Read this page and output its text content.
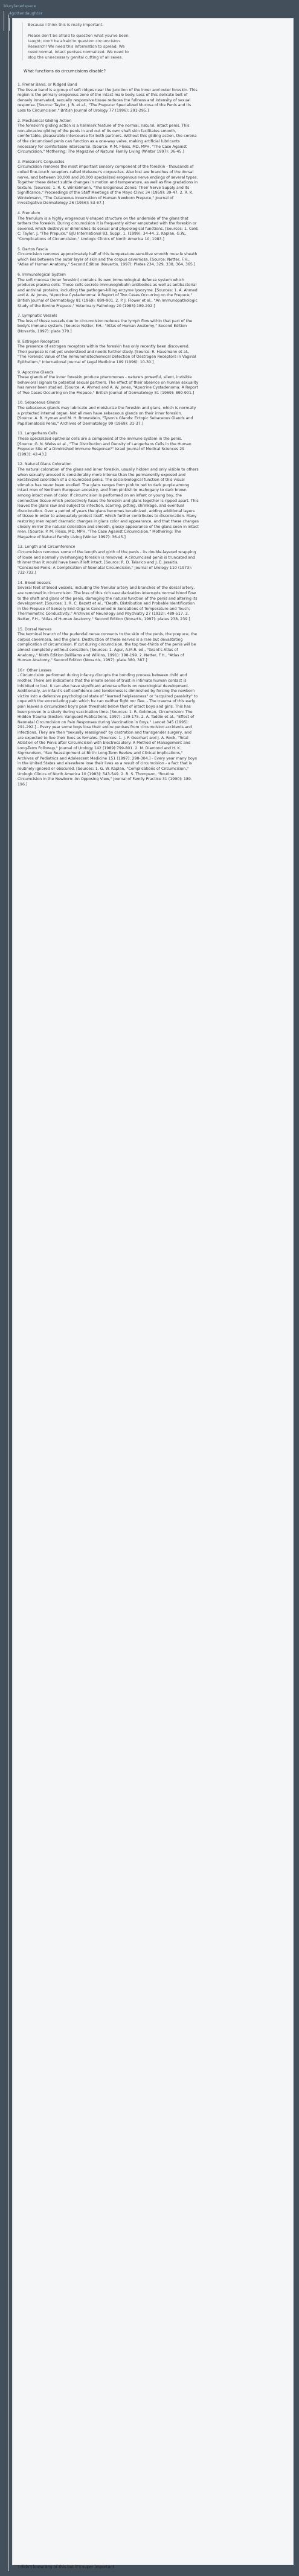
bluryfacedspace
4gottendaughter

Because I think this is really important.

Please don't be afraid to question what you've been taught; don't be afraid to question circumcision. Research! We need this information to spread. We need normal, intact penises normalized. We need to stop the unnecessary genital cutting of all sexes.

What functions do circumcisions disable?
1. Frenar Band, or Ridged Band
The tissue band is a group of soft ridges near the junction of the inner and outer foreskin. This region is the primary erogenous zone of the intact male body. Loss of this delicate belt of densely innervated, sexually responsive tissue reduces the fullness and intensity of sexual response. [Source: Taylor, J. R. et al., "The Prepuce: Specialized Mucosa of the Penis and Its Loss to Circumcision," British Journal of Urology 77 (1996): 291-295.]
2. Mechanical Gliding Action
The foreskin's gliding action is a hallmark feature of the normal, natural, intact penis. This non-abrasive gliding of the penis in and out of its own shaft skin facilitates smooth, comfortable, pleasurable intercourse for both partners. Without this gliding action, the corona of the circumcised penis can function as a one-way valve, making artificial lubricants necessary for comfortable intercourse. [Source: P. M. Fleiss, MD, MPH, "The Case Against Circumcision," Mothering: The Magazine of Natural Family Living (Winter 1997): 36-45.]
3. Meissner's Corpuscles
Circumcision removes the most important sensory component of the foreskin - thousands of coiled fine-touch receptors called Meissner's corpuscles. Also lost are branches of the dorsal nerve, and between 10,000 and 20,000 specialized erogenous nerve endings of several types. Together these detect subtle changes in motion and temperature, as well as fine gradations in texture. [Sources: 1. R. K. Winkelmann, "The Erogenous Zones: Their Nerve Supply and Its Significance," Proceedings of the Staff Meetings of the Mayo Clinic 34 (1959): 39-47. 2. R. K. Winkelmann, "The Cutaneous Innervation of Human Newborn Prepuce," Journal of Investigative Dermatology 26 (1956): 53-67.]
4. Frenulum
The frenulum is a highly erogenous V-shaped structure on the underside of the glans that tethers the foreskin. During circumcision it is frequently either amputated with the foreskin or severed, which destroys or diminishes its sexual and physiological functions. [Sources: 1. Cold, C; Taylor, J, "The Prepuce," BJU International 83, Suppl. 1, (1999): 34-44. 2. Kaplan, G.W., "Complications of Circumcision," Urologic Clinics of North America 10, 1983.]
5. Dartos Fascia
Circumcision removes approximately half of this temperature-sensitive smooth muscle sheath which lies between the outer layer of skin and the corpus cavernosa. [Source: Netter, F.H., "Atlas of Human Anatomy," Second Edition (Novartis, 1997): Plates 234, 329, 338, 364, 365.]
6. Immunological System
The soft mucosa (inner foreskin) contains its own immunological defense system which produces plasma cells. These cells secrete immunoglobulin antibodies as well as antibacterial and antiviral proteins, including the pathogen-killing enzyme lysozyme. [Sources: 1. A. Ahmed and A. W. Jones, "Apocrine Cystadenoma: A Report of Two Cases Occurring on the Prepuce," British Journal of Dermatology 81 (1969): 899-901. 2. P. J. Flower et al., "An Immunopathologic Study of the Bovine Prepuce," Veterinary Pathology 20 (1983):189-202.]
7. Lymphatic Vessels
The loss of these vessels due to circumcision reduces the lymph flow within that part of the body's immune system. [Source: Netter, F.H., "Atlas of Human Anatomy," Second Edition (Novartis, 1997): plate 379.]
8. Estrogen Receptors
The presence of estrogen receptors within the foreskin has only recently been discovered. Their purpose is not yet understood and needs further study. [Source: R. Hausmann et al., "The Forensic Value of the Immunohistochemical Detection of Oestrogen Receptors in Vaginal Epithelium," International Journal of Legal Medicine 109 (1996): 10-30.]
9. Apocrine Glands
These glands of the inner foreskin produce pheromones - nature's powerful, silent, invisible behavioral signals to potential sexual partners. The effect of their absence on human sexuality has never been studied. [Source: A. Ahmed and A. W. Jones, "Apocrine Cystadenoma: A Report of Two Cases Occurring on the Prepuce," British Journal of Dermatology 81 (1969): 899-901.]
10. Sebaceous Glands
The sebaceous glands may lubricate and moisturize the foreskin and glans, which is normally a protected internal organ. Not all men have sebaceous glands on their inner foreskin. [Source: A. B. Hyman and M. H. Brownstein, "Tyson's Glands: Ectopic Sebaceous Glands and Papillomatosis Penis," Archives of Dermatology 99 (1969): 31-37.]
11. Langerhans Cells
These specialized epithelial cells are a component of the immune system in the penis. [Source: G. N. Weiss et al., "The Distribution and Density of Langerhans Cells in the Human Prepuce: Site of a Diminished Immune Response?" Israel Journal of Medical Sciences 29 (1993): 42-43.]
12. Natural Glans Coloration
The natural coloration of the glans and inner foreskin, usually hidden and only visible to others when sexually aroused is considerably more intense than the permanently exposed and keratinized coloration of a circumcised penis. The socio-biological function of this visual stimulus has never been studied. The glans ranges from pink to red to dark purple among intact men of Northern European ancestry, and from pinkish to mahogany to dark brown among intact men of color. If circumcision is performed on an infant or young boy, the connective tissue which protectively fuses the foreskin and glans together is ripped apart. This leaves the glans raw and subject to infection, scarring, pitting, shrinkage, and eventual discoloration. Over a period of years the glans becomes keratinized, adding additional layers of tissue in order to adequately protect itself, which further contributes to discoloration. Many restoring men report dramatic changes in glans color and appearance, and that these changes closely mirror the natural coloration and smooth, glossy appearance of the glans seen in intact men. [Source: P. M. Fleiss, MD, MPH, "The Case Against Circumcision," Mothering: The Magazine of Natural Family Living (Winter 1997): 36-45.]
13. Length and Circumference
Circumcision removes some of the length and girth of the penis - its double-layered wrapping of loose and normally overhanging foreskin is removed. A circumcised penis is truncated and thinner than it would have been if left intact. [Source: R. D. Talarico and J. E. Jasaitis, "Concealed Penis: A Complication of Neonatal Circumcision," Journal of Urology 110 (1973): 732-733.]
14. Blood Vessels
Several feet of blood vessels, including the frenular artery and branches of the dorsal artery, are removed in circumcision. The loss of this rich vascularization interrupts normal blood flow to the shaft and glans of the penis, damaging the natural function of the penis and altering its development. [Sources: 1. R. C. Bazett et al., "Depth, Distribution and Probable Identification in the Prepuce of Sensory End-Organs Concerned in Sensations of Temperature and Touch; Thermometric Conductivity," Archives of Neurology and Psychiatry 27 (1932): 489-517. 2. Netter, F.H., "Atlas of Human Anatomy," Second Edition (Novartis, 1997): plates 238, 239.]
15. Dorsal Nerves
The terminal branch of the pudendal nerve connects to the skin of the penis, the prepuce, the corpus cavernosa, and the glans. Destruction of these nerves is a rare but devastating complication of circumcision. If cut during circumcision, the top two-thirds of the penis will be almost completely without sensation. [Sources: 1. Agur, A.M.R. ed., "Grant's Atlas of Anatomy," Ninth Edition (Williams and Wilkins, 1991): 198-199. 2. Netter, F.H., "Atlas of Human Anatomy," Second Edition (Novartis, 1997): plate 380, 387.]
16+ Other Losses
- Circumcision performed during infancy disrupts the bonding process between child and mother. There are indications that the innate sense of trust in intimate human contact is inhibited or lost. It can also have significant adverse effects on neurological development. Additionally, an infant's self-confidence and tenderness is diminished by forcing the newborn victim into a defensive psychological state of "learned helplessness" or "acquired passivity" to cope with the excruciating pain which he can neither fight nor flee. - The trauma of this early pain leaves a circumcised boy's pain threshold below that of intact boys and girls. This has been proven in a study during vaccination time. [Sources: 1. R. Goldman, Circumcision: The Hidden Trauma (Boston: Vanguard Publications, 1997): 139-175. 2. A. Taddio et al., "Effect of Neonatal Circumcision on Pain Responses during Vaccination in Boys," Lancet 345 (1995): 291-292.] - Every year some boys lose their entire penises from circumcision accidents and infections. They are then "sexually reassigned" by castration and transgender surgery, and are expected to live their lives as females. [Sources: 1. J. P. Gearhart and J. A. Rock, "Total Ablation of the Penis after Circumcision with Electrocautery: A Method of Management and Long-Term Followup," Journal of Urology 142 (1989):799-801. 2. M. Diamond and H. K. Sigmundson, "Sex Reassignment at Birth: Long-Term Review and Clinical Implications," Archives of Pediatrics and Adolescent Medicine 151 (1997): 298-304.] - Every year many boys in the United States and elsewhere lose their lives as a result of circumcision - a fact that is routinely ignored or obscured. [Sources: 1. G. W. Kaplan, "Complications of Circumcision," Urologic Clinics of North America 10 (1983): 543-549. 2. R. S. Thompson, "Routine Circumcision in the Newborn: An Opposing View," Journal of Family Practice 31 (1990): 189-196.]
I didn't know any of this but it's super important
